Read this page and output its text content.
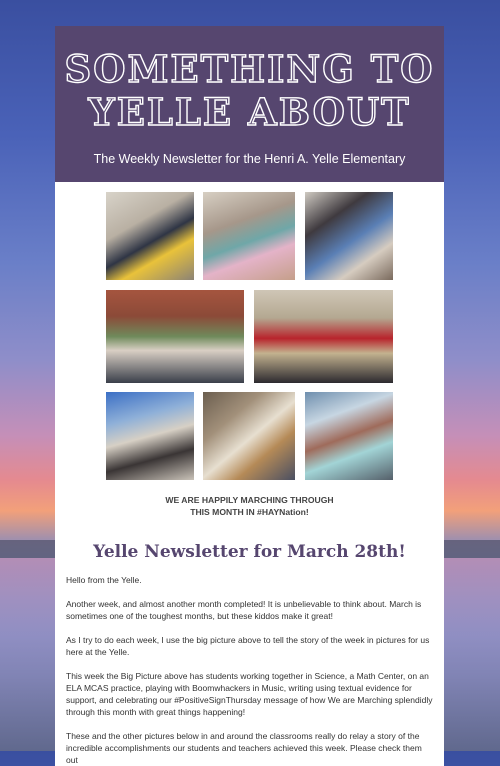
SOMETHING TO
YELLE ABOUT
The Weekly Newsletter for the Henri A. Yelle Elementary
WE ARE HAPPILY MARCHING THROUGH
THIS MONTH IN #HAYNation!
Yelle Newsletter for March 28th!

Hello from the Yelle.

Another week, and almost another month completed! It is unbelievable to think about. March is sometimes one of the toughest months, but these kiddos make it great!

As I try to do each week, I use the big picture above to tell the story of the week in pictures for us here at the Yelle.

This week the Big Picture above has students working together in Science, a Math Center, on an ELA MCAS practice, playing with Boomwhackers in Music, writing using textual evidence for support, and celebrating our #PositiveSignThursday message of how We are Marching splendidly through this month with great things happening!

These and the other pictures below in and around the classrooms really do relay a story of the incredible accomplishments our students and teachers achieved this week. Please check them out
